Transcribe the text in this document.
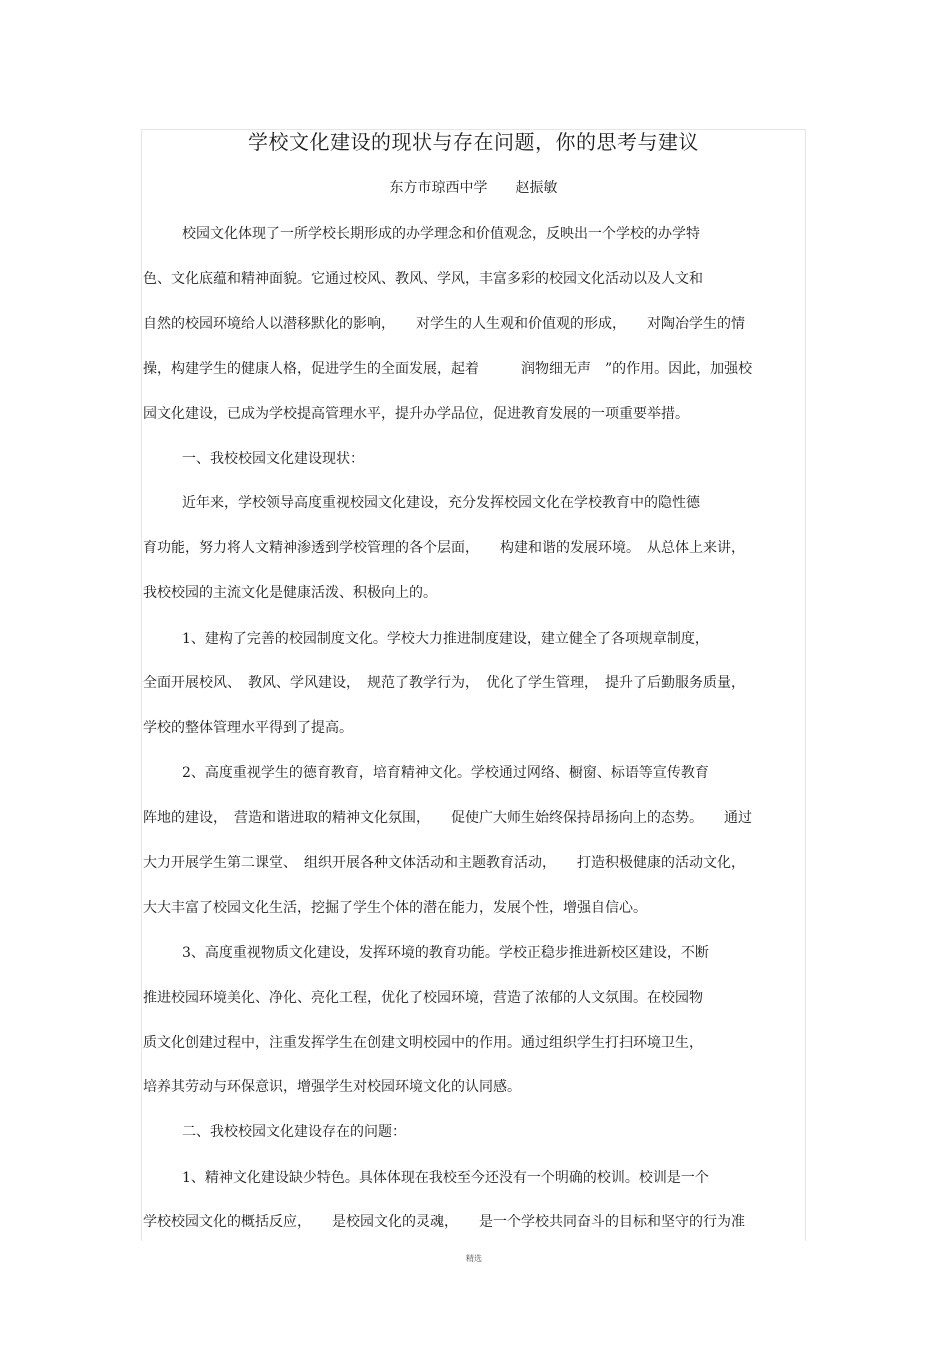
学校文化建设的现状与存在问题，你的思考与建议
东方市琼西中学 赵振敏
校园文化体现了一所学校长期形成的办学理念和价值观念，反映出一个学校的办学特
色、文化底蕴和精神面貌。它通过校风、教风、学风，丰富多彩的校园文化活动以及人文和
自然的校园环境给人以潜移默化的影响，　　对学生的人生观和价值观的形成，　　对陶冶学生的情
操，构建学生的健康人格，促进学生的全面发展，起着　　　润物细无声　”的作用。因此，加强校
园文化建设，已成为学校提高管理水平，提升办学品位，促进教育发展的一项重要举措。
一、我校校园文化建设现状：
近年来，学校领导高度重视校园文化建设，充分发挥校园文化在学校教育中的隐性德
育功能，努力将人文精神渗透到学校管理的各个层面，　　构建和谐的发展环境。　从总体上来讲，
我校校园的主流文化是健康活泼、积极向上的。
1、建构了完善的校园制度文化。学校大力推进制度建设，建立健全了各项规章制度，
全面开展校风、　教风、学风建设，　规范了教学行为，　优化了学生管理，　提升了后勤服务质量，
学校的整体管理水平得到了提高。
2、高度重视学生的德育教育，培育精神文化。学校通过网络、橱窗、标语等宣传教育
阵地的建设，　营造和谐进取的精神文化氛围，　　促使广大师生始终保持昂扬向上的态势。　　通过
大力开展学生第二课堂、　组织开展各种文体活动和主题教育活动，　　打造积极健康的活动文化，
大大丰富了校园文化生活，挖掘了学生个体的潜在能力，发展个性，增强自信心。
3、高度重视物质文化建设，发挥环境的教育功能。学校正稳步推进新校区建设，不断
推进校园环境美化、净化、亮化工程，优化了校园环境，营造了浓郁的人文氛围。在校园物
质文化创建过程中，注重发挥学生在创建文明校园中的作用。通过组织学生打扫环境卫生，
培养其劳动与环保意识，增强学生对校园环境文化的认同感。
二、我校校园文化建设存在的问题：
1、精神文化建设缺少特色。具体体现在我校至今还没有一个明确的校训。校训是一个
学校校园文化的概括反应，　　是校园文化的灵魂，　　是一个学校共同奋斗的目标和坚守的行为准
精选
